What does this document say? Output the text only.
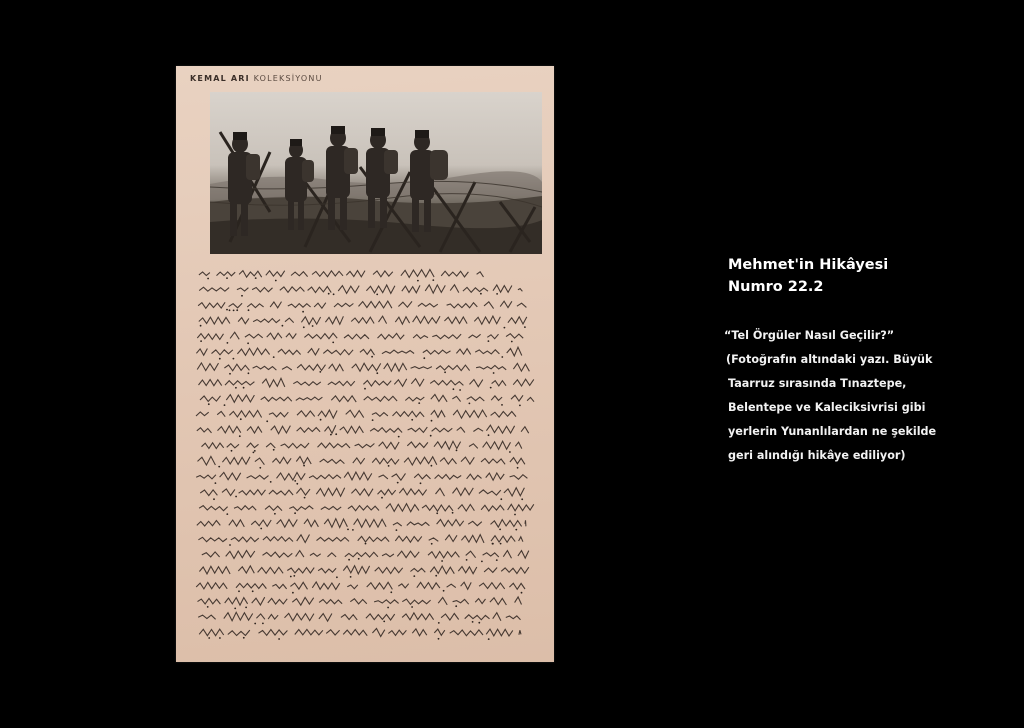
KEMAL ARI KOLEKSİYONU
Mehmet'in Hikâyesi
Numro 22.2
“Tel Örgüler Nasıl Geçilir?”
(Fotoğrafın altındaki yazı. Büyük
Taarruz sırasında Tınaztepe,
Belentepe ve Kaleciksivrisi gibi
yerlerin Yunanlılardan ne şekilde
geri alındığı hikâye ediliyor)
